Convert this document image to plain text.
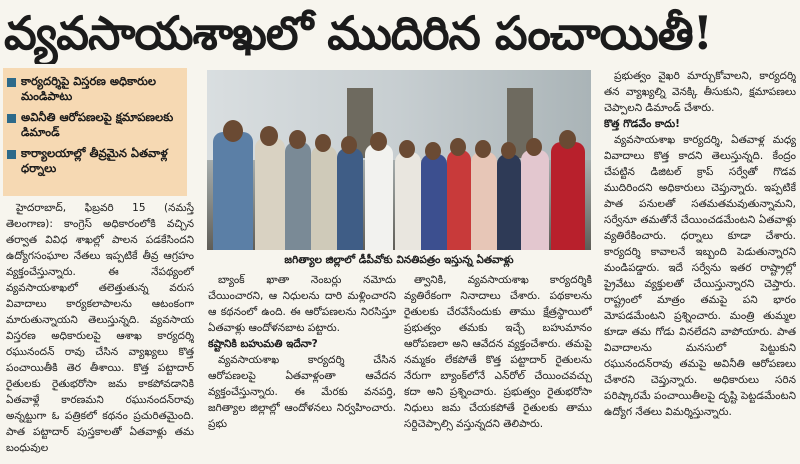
వ్యవసాయశాఖలో ముదిరిన పంచాయితీ!
కార్యదర్శిపై విస్తరణ అధికారుల మండిపాటు
అవినీతి ఆరోపణలపై క్షమాపణలకు డిమాండ్
కార్యాలయాల్లో తీవ్రమైన ఏతవాళ్ల ధర్నాలు

హైదరాబాద్, ఫిబ్రవరి 15 (నమస్తే తెలంగాణ): కాంగ్రెస్ అధికారంలోకి వచ్చిన తర్వాత వివిధ శాఖల్లో పాలన పడకేసిందని ఉద్యోగసంఘాల నేతలు ఇప్పటికే తీవ్ర ఆగ్రహం వ్యక్తంచేస్తున్నారు. ఈ నేపథ్యంలో వ్యవసాయశాఖలో తలెత్తుతున్న వరుస వివాదాలు కార్యకలాపాలను ఆటంకంగా మారుతున్నాయని తెలుస్తున్నది. వ్యవసాయ విస్తరణ అధికారులపై ఆశాఖ కార్యదర్శి రఘునందన్ రావు చేసిన వ్యాఖ్యలు కొత్త పంచాయితీకి తెర తీశాయి. కొత్త పట్టాదార్ రైతులకు రైతుభరోసా జమ కాకపోవడానికి ఏతవాళ్లే కారణమని రఘునందన్‌రావు అన్నట్టుగా ఓ పత్రికలో కథనం ప్రచురితమైంది. పాత పట్టాదార్ పుస్తకాలతో ఏతవాళ్లు తమ బంధువుల

జగిత్యాల జిల్లాలో డీపీవోకు వినతిపత్రం ఇస్తున్న ఏతవాళ్లు

బ్యాంక్ ఖాతా నెంబర్లు నమోదు చేయించారని, ఆ నిధులను దారి మళ్లించారని ఆ కథనంలో ఉంది. ఈ ఆరోపణలను నిరసిస్తూ ఏతవాళ్లు ఆందోళనబాట పట్టారు.

కష్టానికి బహుమతి ఇదేనా?

వ్యవసాయశాఖ కార్యదర్శి చేసిన ఆరోపణలపై ఏతవాళ్లంతా ఆవేదన వ్యక్తంచేస్తున్నారు. ఈ మేరకు వనపర్తి, జగిత్యాల జిల్లాల్లో ఆందోళనలు నిర్వహించారు. ప్రభు

త్వానికి, వ్యవసాయశాఖ కార్యదర్శికి వ్యతిరేకంగా నినాదాలు చేశారు. పథకాలను రైతులకు చేరవేసేందుకు తాము క్షేత్రస్థాయిలో ప్రభుత్వం తమకు ఇచ్చే బహుమానం ఆరోపణలా అని ఆవేదన వ్యక్తంచేశారు. తమపై నమ్మకం లేకపోతే కొత్త పట్టాదార్ రైతులను నేరుగా బ్యాంక్‌లోనే ఎన్‌రోల్ చేయించవచ్చు కదా అని ప్రశ్నించారు. ప్రభుత్వం రైతుభరోసా నిధులు జమ చేయకపోతే రైతులకు తాము సర్దిచెప్పాల్సి వస్తున్నదని తెలిపారు.

ప్రభుత్వం వైఖరి మార్చుకోవాలని, కార్యదర్శి తన వ్యాఖ్యల్ని వెనక్కి తీసుకుని, క్షమాపణలు చెప్పాలని డిమాండ్ చేశారు.

కొత్త గొడవేం కాదు!

వ్యవసాయశాఖ కార్యదర్శి, ఏతవాళ్ల మధ్య వివాదాలు కొత్త కాదని తెలుస్తున్నది. కేంద్రం చేపట్టిన డిజిటల్ క్రాప్ సర్వేతో గొడవ ముదిరిందని అధికారులు చెప్తున్నారు. ఇప్పటికే పాత పనులతో సతమతమవుతున్నామని, సర్వేనూ తమతోనే చేయించడమేంటని ఏతవాళ్లు వ్యతిరేకించారు. ధర్నాలు కూడా చేశారు. కార్యదర్శి కావాలనే ఇబ్బంది పెడుతున్నారని మండిపడ్డారు. ఇదే సర్వేను ఇతర రాష్ట్రాల్లో ప్రైవేటు వ్యక్తులతో చేయిస్తున్నారని చెప్తారు. రాష్ట్రంలో మాత్రం తమపై పని భారం మోపడమేంటని ప్రశ్నించారు. మంత్రి తుమ్మల కూడా తమ గోడు వినలేదని వాపోయారు. పాత వివాదాలను మనసులో పెట్టుకుని రఘునందన్‌రావు తమపై అవినీతి ఆరోపణలు చేశారని చెప్తున్నారు. అధికారులు సరిన పరిష్కారమే పంచాయితీలపై దృష్టి పెట్టడమేంటని ఉద్యోగ నేతలు విమర్శిస్తున్నారు.
